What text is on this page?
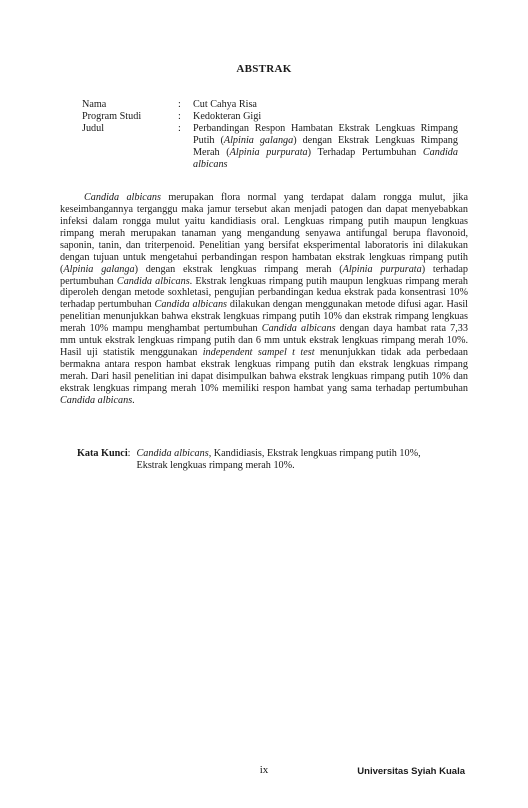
ABSTRAK
Nama	:	Cut Cahya Risa
Program Studi	:	Kedokteran Gigi
Judul	:	Perbandingan Respon Hambatan Ekstrak Lengkuas Rimpang Putih (Alpinia galanga) dengan Ekstrak Lengkuas Rimpang Merah (Alpinia purpurata) Terhadap Pertumbuhan Candida albicans

Candida albicans merupakan flora normal yang terdapat dalam rongga mulut, jika keseimbangannya terganggu maka jamur tersebut akan menjadi patogen dan dapat menyebabkan infeksi dalam rongga mulut yaitu kandidiasis oral. Lengkuas rimpang putih maupun lengkuas rimpang merah merupakan tanaman yang mengandung senyawa antifungal berupa flavonoid, saponin, tanin, dan triterpenoid. Penelitian yang bersifat eksperimental laboratoris ini dilakukan dengan tujuan untuk mengetahui perbandingan respon hambatan ekstrak lengkuas rimpang putih (Alpinia galanga) dengan ekstrak lengkuas rimpang merah (Alpinia purpurata) terhadap pertumbuhan Candida albicans. Ekstrak lengkuas rimpang putih maupun lengkuas rimpang merah diperoleh dengan metode soxhletasi, pengujian perbandingan kedua ekstrak pada konsentrasi 10% terhadap pertumbuhan Candida albicans dilakukan dengan menggunakan metode difusi agar. Hasil penelitian menunjukkan bahwa ekstrak lengkuas rimpang putih 10% dan ekstrak rimpang lengkuas merah 10% mampu menghambat pertumbuhan Candida albicans dengan daya hambat rata 7,33 mm untuk ekstrak lengkuas rimpang putih dan 6 mm untuk ekstrak lengkuas rimpang merah 10%. Hasil uji statistik menggunakan independent sampel t test menunjukkan tidak ada perbedaan bermakna antara respon hambat ekstrak lengkuas rimpang putih dan ekstrak lengkuas rimpang merah. Dari hasil penelitian ini dapat disimpulkan bahwa ekstrak lengkuas rimpang putih 10% dan ekstrak lengkuas rimpang merah 10% memiliki respon hambat yang sama terhadap pertumbuhan Candida albicans.

Kata Kunci : Candida albicans, Kandidiasis, Ekstrak lengkuas rimpang putih 10%, Ekstrak lengkuas rimpang merah 10%.
ix	Universitas Syiah Kuala
